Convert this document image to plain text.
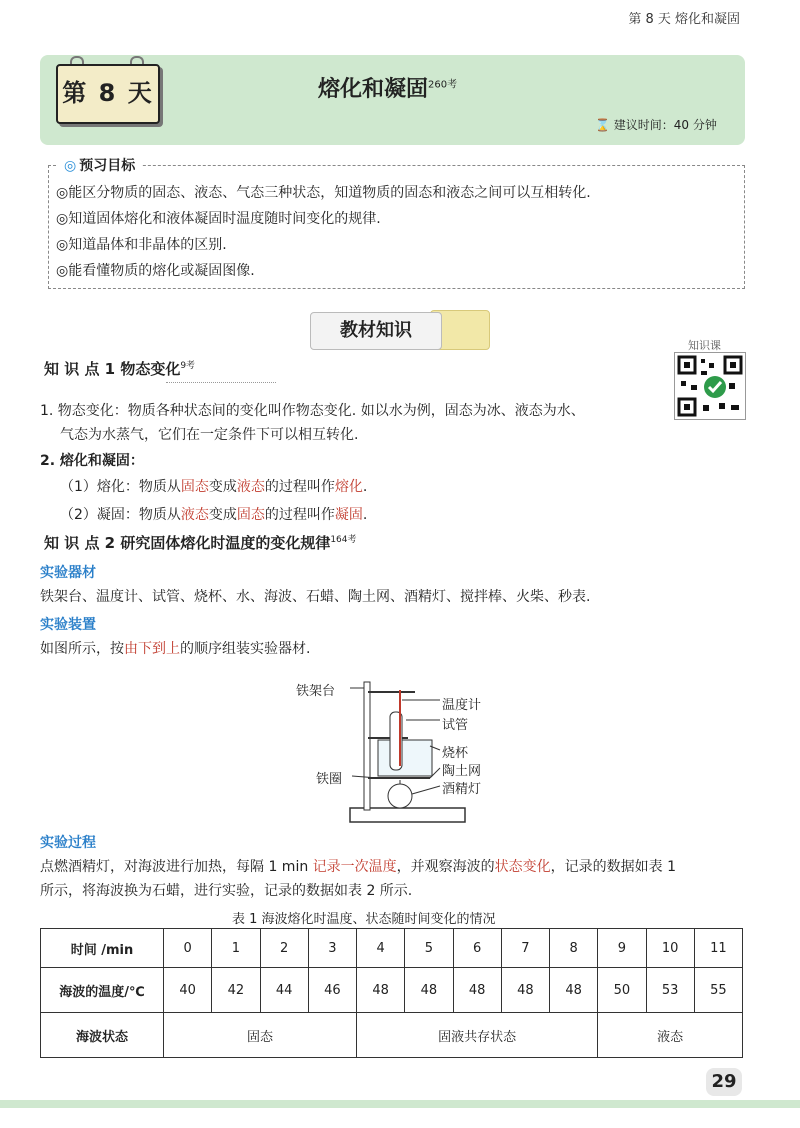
第 8 天 熔化和凝固
第 8 天	熔化和凝固$^{260考}$
⌛ 建议时间：40 分钟
◎ 预习目标
◎能区分物质的固态、液态、气态三种状态，知道物质的固态和液态之间可以互相转化.
◎知道固体熔化和液体凝固时温度随时间变化的规律.
◎知道晶体和非晶体的区别.
◎能看懂物质的熔化或凝固图像.
教材知识
知识课
知 识 点 1 物态变化$^{9考}$
1. 物态变化：物质各种状态间的变化叫作物态变化. 如以水为例，固态为冰、液态为水、
气态为水蒸气，它们在一定条件下可以相互转化.
2. 熔化和凝固：
（1）熔化：物质从固态变成液态的过程叫作熔化.
（2）凝固：物质从液态变成固态的过程叫作凝固.
知 识 点 2 研究固体熔化时温度的变化规律$^{164考}$
实验器材
铁架台、温度计、试管、烧杯、水、海波、石蜡、陶土网、酒精灯、搅拌棒、火柴、秒表.
实验装置
如图所示，按由下到上的顺序组装实验器材.
铁架台
温度计
试管
烧杯
铁圈
陶土网
酒精灯
实验过程
点燃酒精灯，对海波进行加热，每隔 1 min 记录一次温度，并观察海波的状态变化，记录的数据如表 1
所示，将海波换为石蜡，进行实验，记录的数据如表 2 所示.
表 1 海波熔化时温度、状态随时间变化的情况
时间 /min	0	1	2	3	4	5	6	7	8	9	10	11
海波的温度/℃	40	42	44	46	48	48	48	48	48	50	53	55
海波状态	固态				固液共存状态					液态		
29
